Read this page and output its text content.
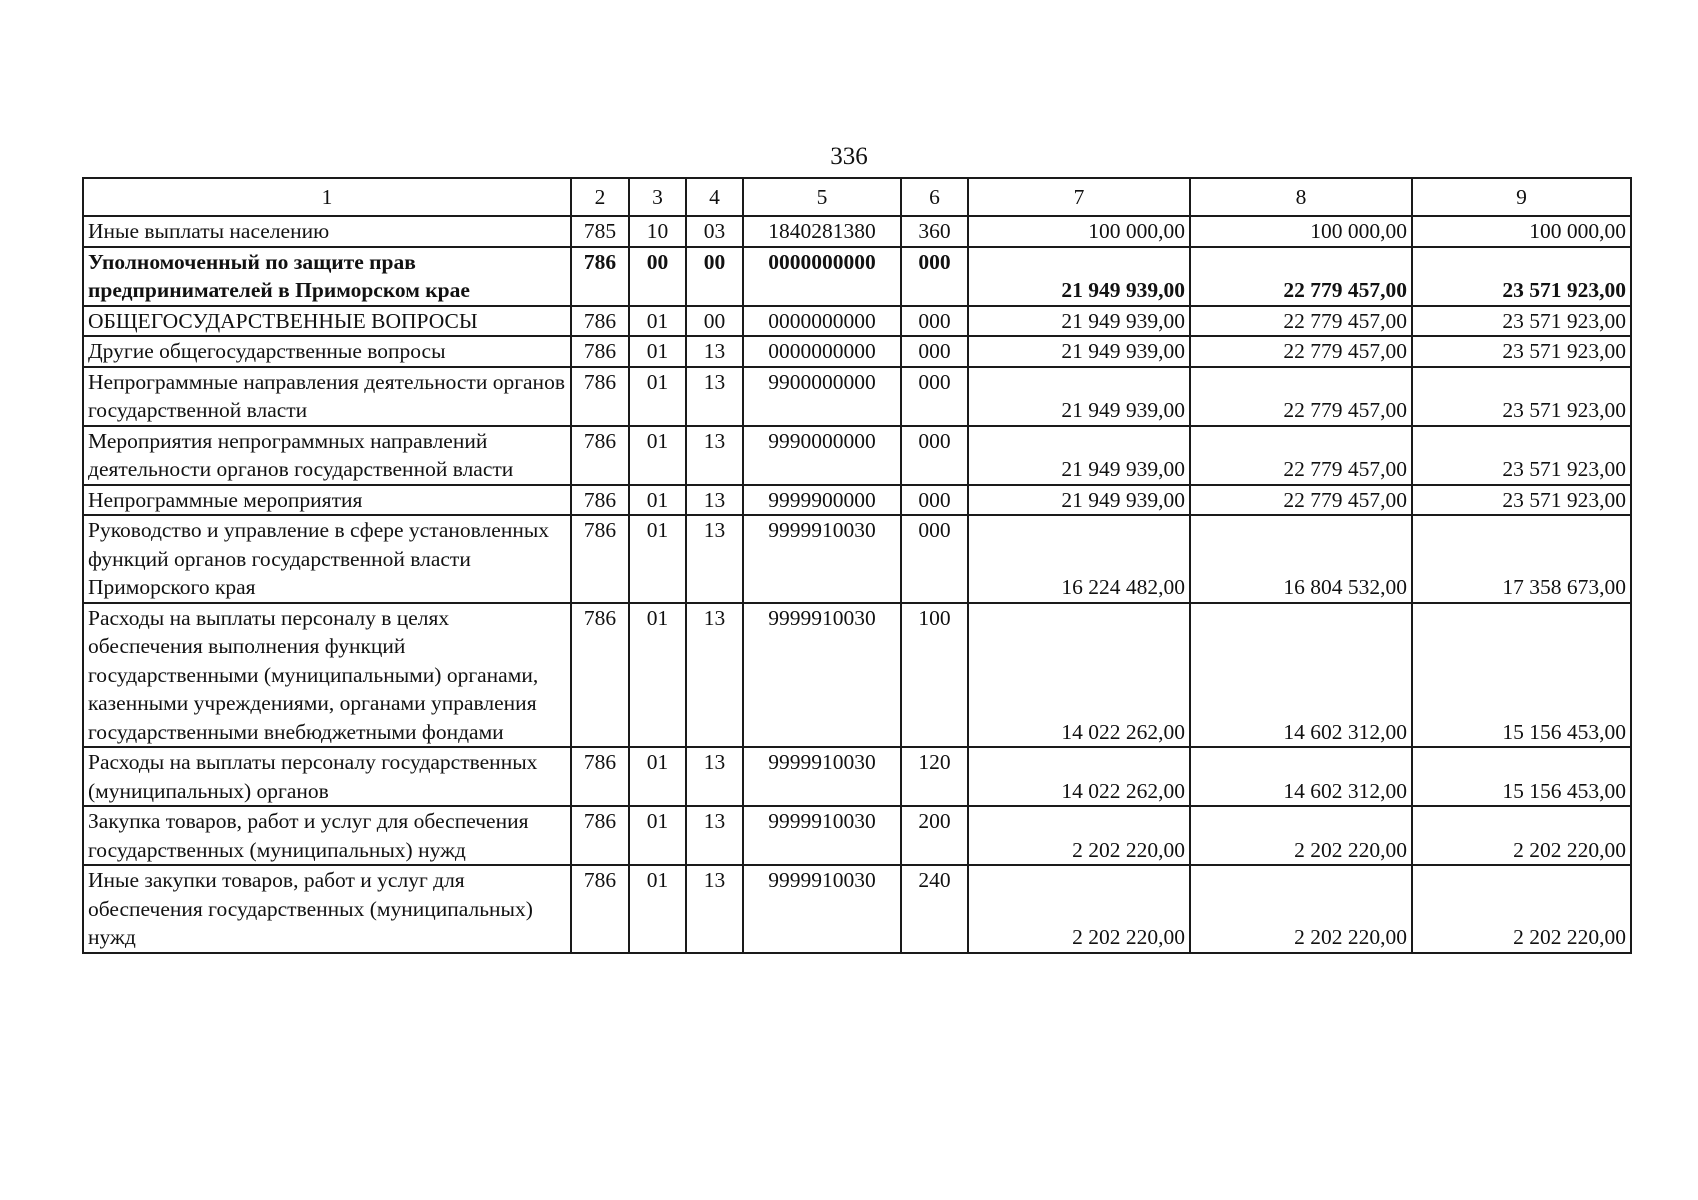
336
1	2	3	4	5	6	7	8	9
Иные выплаты населению	785	10	03	1840281380	360	100 000,00	100 000,00	100 000,00
Уполномоченный по защите прав предпринимателей в Приморском крае	786	00	00	0000000000	000	21 949 939,00	22 779 457,00	23 571 923,00
ОБЩЕГОСУДАРСТВЕННЫЕ ВОПРОСЫ	786	01	00	0000000000	000	21 949 939,00	22 779 457,00	23 571 923,00
Другие общегосударственные вопросы	786	01	13	0000000000	000	21 949 939,00	22 779 457,00	23 571 923,00
Непрограммные направления деятельности органов государственной власти	786	01	13	9900000000	000	21 949 939,00	22 779 457,00	23 571 923,00
Мероприятия непрограммных направлений деятельности органов государственной власти	786	01	13	9990000000	000	21 949 939,00	22 779 457,00	23 571 923,00
Непрограммные мероприятия	786	01	13	9999900000	000	21 949 939,00	22 779 457,00	23 571 923,00
Руководство и управление в сфере установленных функций органов государственной власти Приморского края	786	01	13	9999910030	000	16 224 482,00	16 804 532,00	17 358 673,00
Расходы на выплаты персоналу в целях обеспечения выполнения функций государственными (муниципальными) органами, казенными учреждениями, органами управления государственными внебюджетными фондами	786	01	13	9999910030	100	14 022 262,00	14 602 312,00	15 156 453,00
Расходы на выплаты персоналу государственных (муниципальных) органов	786	01	13	9999910030	120	14 022 262,00	14 602 312,00	15 156 453,00
Закупка товаров, работ и услуг для обеспечения государственных (муниципальных) нужд	786	01	13	9999910030	200	2 202 220,00	2 202 220,00	2 202 220,00
Иные закупки товаров, работ и услуг для обеспечения государственных (муниципальных) нужд	786	01	13	9999910030	240	2 202 220,00	2 202 220,00	2 202 220,00
